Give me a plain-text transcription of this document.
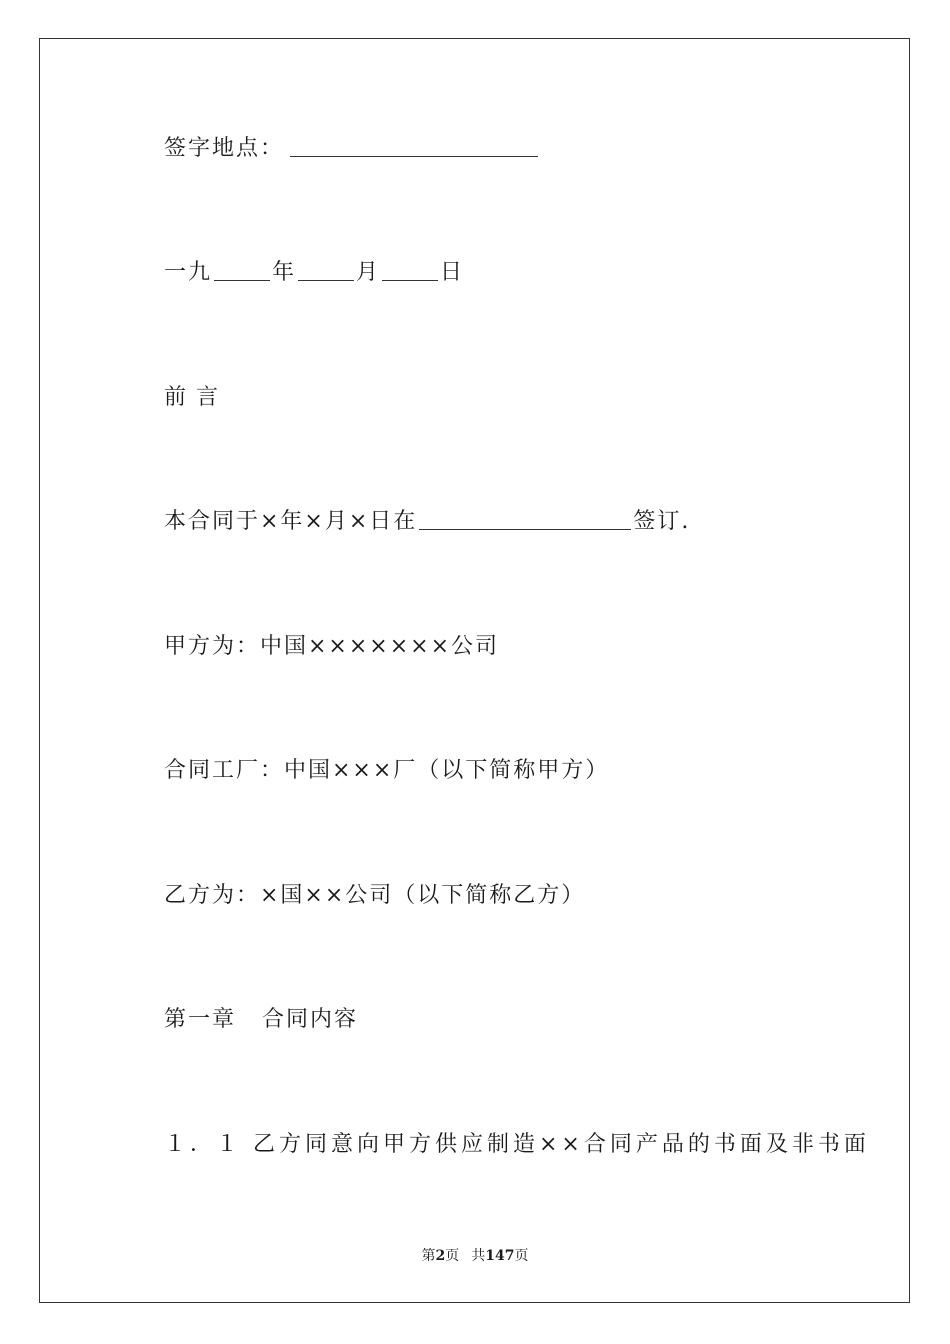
签字地点：
一九	年	月	日
前言
本合同于×年×月×日在	签订.
甲方为：中国×××××××公司
合同工厂：中国×××厂（以下简称甲方）
乙方为：×国××公司（以下简称乙方）
第一章 合同内容
１．１ 乙方同意向甲方供应制造××合同产品的书面及非书面
第2页 共147页
